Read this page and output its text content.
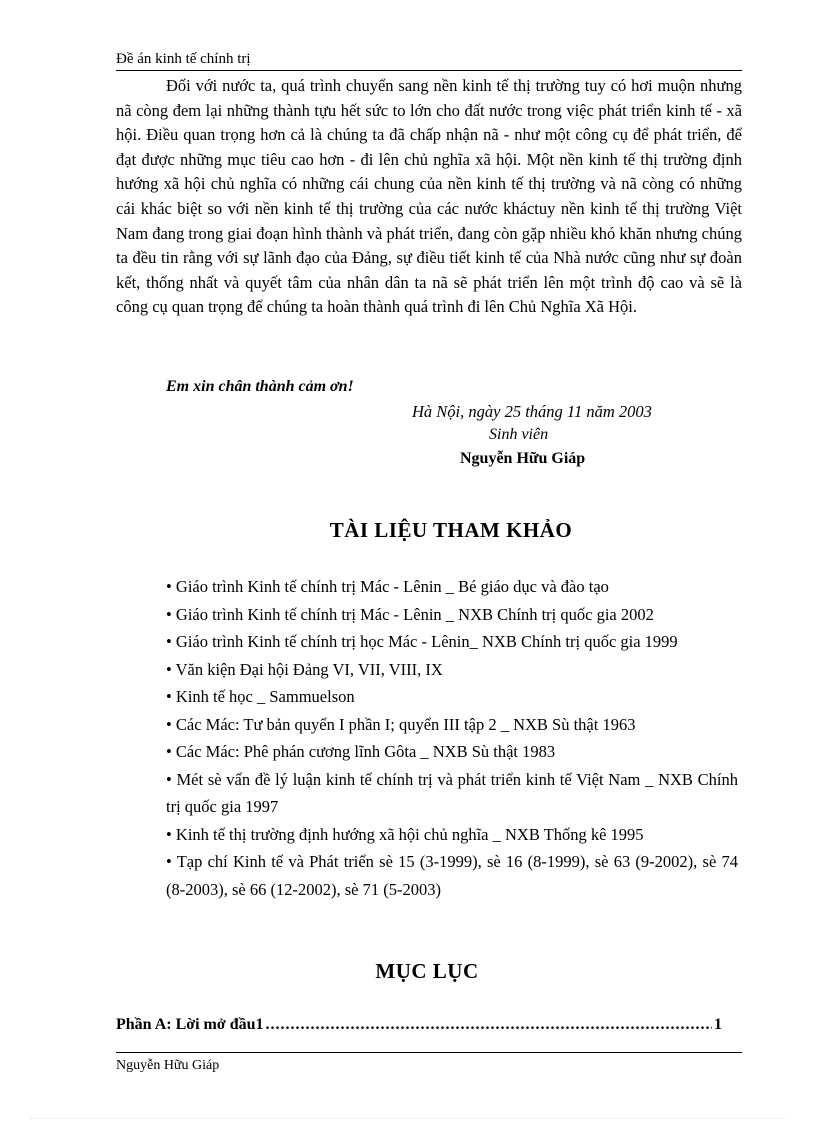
Đề án kinh tế chính trị

Đối với nước ta, quá trình chuyển sang nền kinh tế thị trường tuy có hơi muộn nhưng nã còng đem lại những thành tựu hết sức to lớn cho đất nước trong việc phát triển kinh tế - xã hội. Điều quan trọng hơn cả là chúng ta đã chấp nhận nã - như một công cụ để phát triển, để đạt được những mục tiêu cao hơn - đi lên chủ nghĩa xã hội. Một nền kinh tế thị trường định hướng xã hội chủ nghĩa có những cái chung của nền kinh tế thị trường và nã còng có những cái khác biệt so với nền kinh tế thị trường của các nước kháctuy nền kinh tế thị trường Việt Nam đang trong giai đoạn hình thành và phát triển, đang còn gặp nhiều khó khăn nhưng chúng ta đều tin rằng với sự lãnh đạo của Đảng, sự điều tiết kinh tế của Nhà nước cũng như sự đoàn kết, thống nhất và quyết tâm của nhân dân ta nã sẽ phát triển lên một trình độ cao và sẽ là công cụ quan trọng để chúng ta hoàn thành quá trình đi lên Chủ Nghĩa Xã Hội.

Em xin chân thành cảm ơn!
Hà Nội, ngày 25 tháng 11 năm 2003
Sinh viên
Nguyễn Hữu Giáp
TÀI LIỆU THAM KHẢO
• Giáo trình Kinh tế chính trị Mác - Lênin _ Bé giáo dục và đào tạo
• Giáo trình Kinh tế chính trị Mác - Lênin _ NXB Chính trị quốc gia 2002
• Giáo trình Kinh tế chính trị học Mác - Lênin_ NXB Chính trị quốc gia 1999
• Văn kiện Đại hội Đảng VI, VII, VIII, IX
• Kinh tế học _ Sammuelson
• Các Mác: Tư bản quyển I phần I; quyển III tập 2 _ NXB Sù thật 1963
• Các Mác: Phê phán cương lĩnh Gôta _ NXB Sù thật 1983
• Mét sè vấn đề lý luận kinh tế chính trị và phát triển kinh tế Việt Nam _ NXB Chính trị quốc gia 1997
• Kinh tế thị trường định hướng xã hội chủ nghĩa _ NXB Thống kê 1995
• Tạp chí Kinh tế và Phát triển sè 15 (3-1999), sè 16 (8-1999), sè 63 (9-2002), sè 74 (8-2003), sè 66 (12-2002), sè 71 (5-2003)
MỤC LỤC
Phần A: Lời mở đầu1
.....	1
Nguyễn Hữu Giáp
